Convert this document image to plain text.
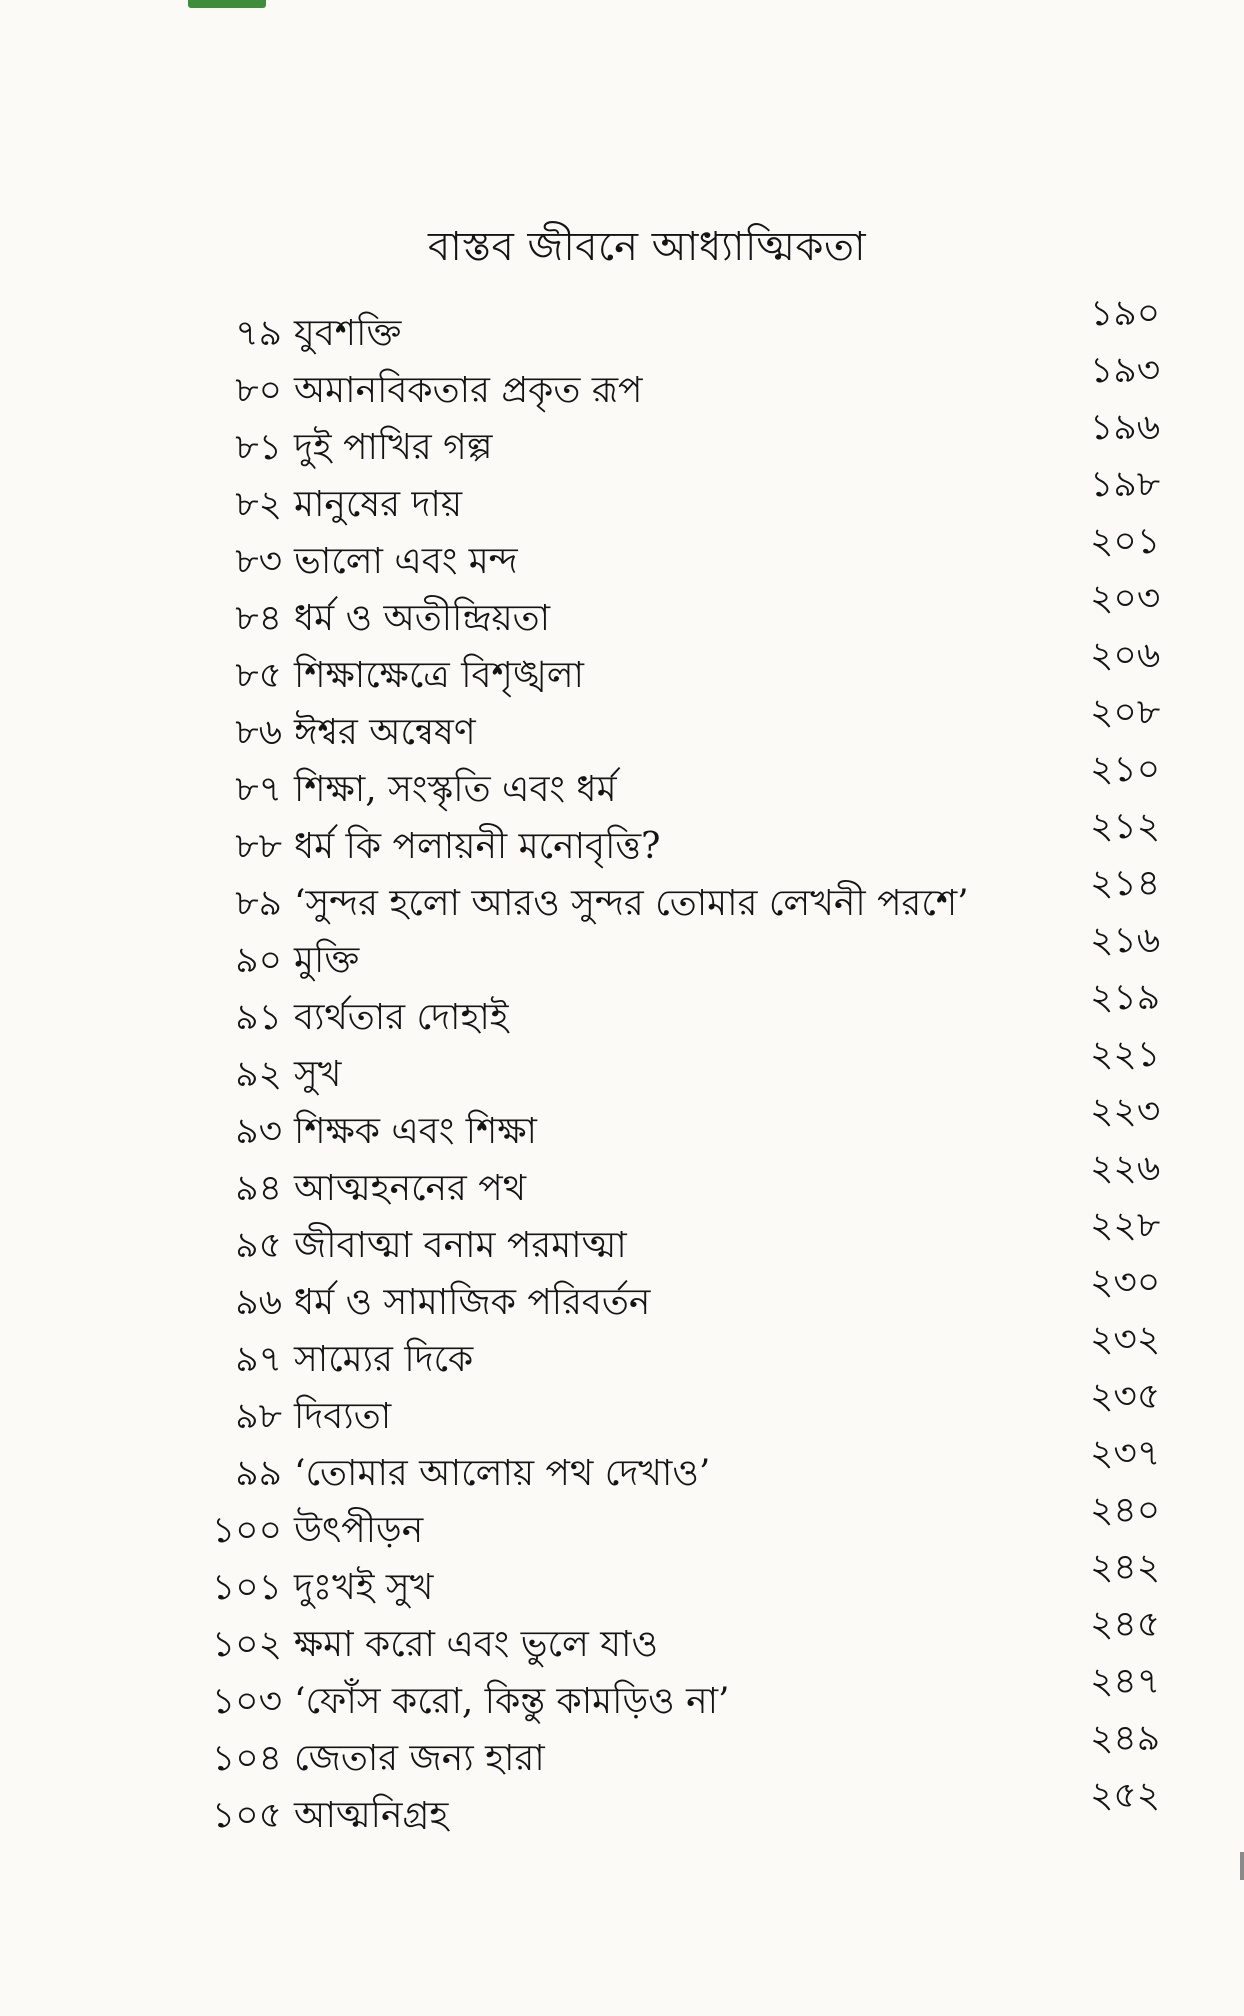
বাস্তব জীবনে আধ্যাত্মিকতা
৭৯ যুবশক্তি	১৯০
৮০ অমানবিকতার প্রকৃত রূপ	১৯৩
৮১ দুই পাখির গল্প	১৯৬
৮২ মানুষের দায়	১৯৮
৮৩ ভালো এবং মন্দ	২০১
৮৪ ধর্ম ও অতীন্দ্রিয়তা	২০৩
৮৫ শিক্ষাক্ষেত্রে বিশৃঙ্খলা	২০৬
৮৬ ঈশ্বর অন্বেষণ	২০৮
৮৭ শিক্ষা, সংস্কৃতি এবং ধর্ম	২১০
৮৮ ধর্ম কি পলায়নী মনোবৃত্তি?	২১২
৮৯ ‘সুন্দর হলো আরও সুন্দর তোমার লেখনী পরশে’	২১৪
৯০ মুক্তি	২১৬
৯১ ব্যর্থতার দোহাই	২১৯
৯২ সুখ	২২১
৯৩ শিক্ষক এবং শিক্ষা	২২৩
৯৪ আত্মহননের পথ	২২৬
৯৫ জীবাত্মা বনাম পরমাত্মা	২২৮
৯৬ ধর্ম ও সামাজিক পরিবর্তন	২৩০
৯৭ সাম্যের দিকে	২৩২
৯৮ দিব্যতা	২৩৫
৯৯ ‘তোমার আলোয় পথ দেখাও’	২৩৭
১০০ উৎপীড়ন	২৪০
১০১ দুঃখই সুখ	২৪২
১০২ ক্ষমা করো এবং ভুলে যাও	২৪৫
১০৩ ‘ফোঁস করো, কিন্তু কামড়িও না’	২৪৭
১০৪ জেতার জন্য হারা	২৪৯
১০৫ আত্মনিগ্রহ	২৫২
